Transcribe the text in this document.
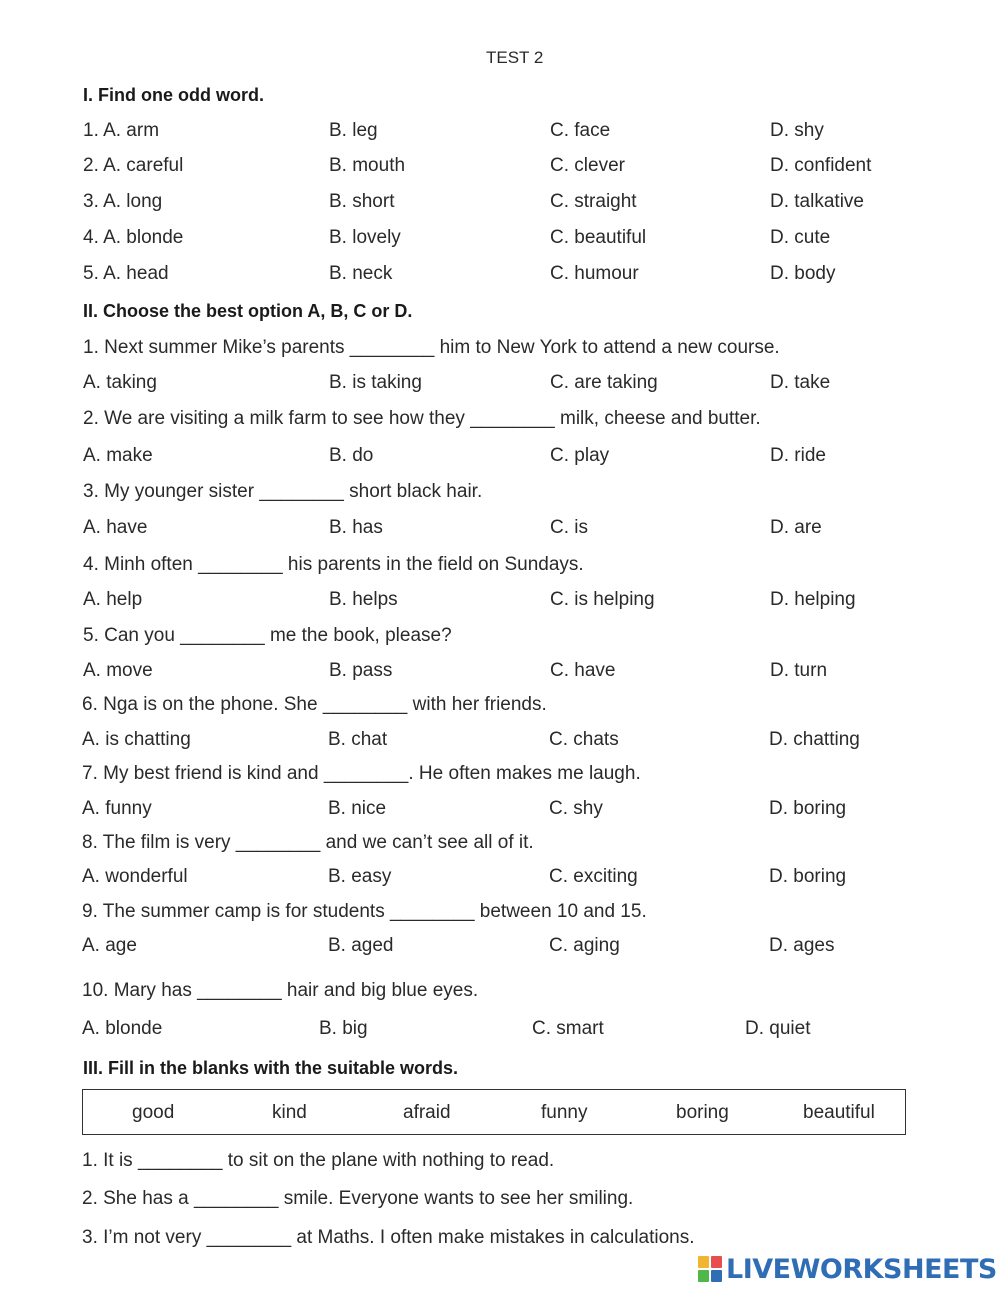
TEST 2
I. Find one odd word.
1. A. arm	B. leg	C. face	D. shy
2. A. careful	B. mouth	C. clever	D. confident
3. A. long	B. short	C. straight	D. talkative
4. A. blonde	B. lovely	C. beautiful	D. cute
5. A. head	B. neck	C. humour	D. body
II. Choose the best option A, B, C or D.
1. Next summer Mike’s parents ________ him to New York to attend a new course.
A. taking	B. is taking	C. are taking	D. take
2. We are visiting a milk farm to see how they ________ milk, cheese and butter.
A. make	B. do	C. play	D. ride
3. My younger sister ________ short black hair.
A. have	B. has	C. is	D. are
4. Minh often ________ his parents in the field on Sundays.
A. help	B. helps	C. is helping	D. helping
5. Can you ________ me the book, please?
A. move	B. pass	C. have	D. turn
6. Nga is on the phone. She ________ with her friends.
A. is chatting	B. chat	C. chats	D. chatting
7. My best friend is kind and ________. He often makes me laugh.
A. funny	B. nice	C. shy	D. boring
8. The film is very ________ and we can’t see all of it.
A. wonderful	B. easy	C. exciting	D. boring
9. The summer camp is for students ________ between 10 and 15.
A. age	B. aged	C. aging	D. ages
10. Mary has ________ hair and big blue eyes.
A. blonde	B. big	C. smart	D. quiet
III. Fill in the blanks with the suitable words.
good	kind	afraid	funny	boring	beautiful
1. It is ________ to sit on the plane with nothing to read.
2. She has a ________ smile. Everyone wants to see her smiling.
3. I’m not very ________ at Maths. I often make mistakes in calculations.
LIVEWORKSHEETS
